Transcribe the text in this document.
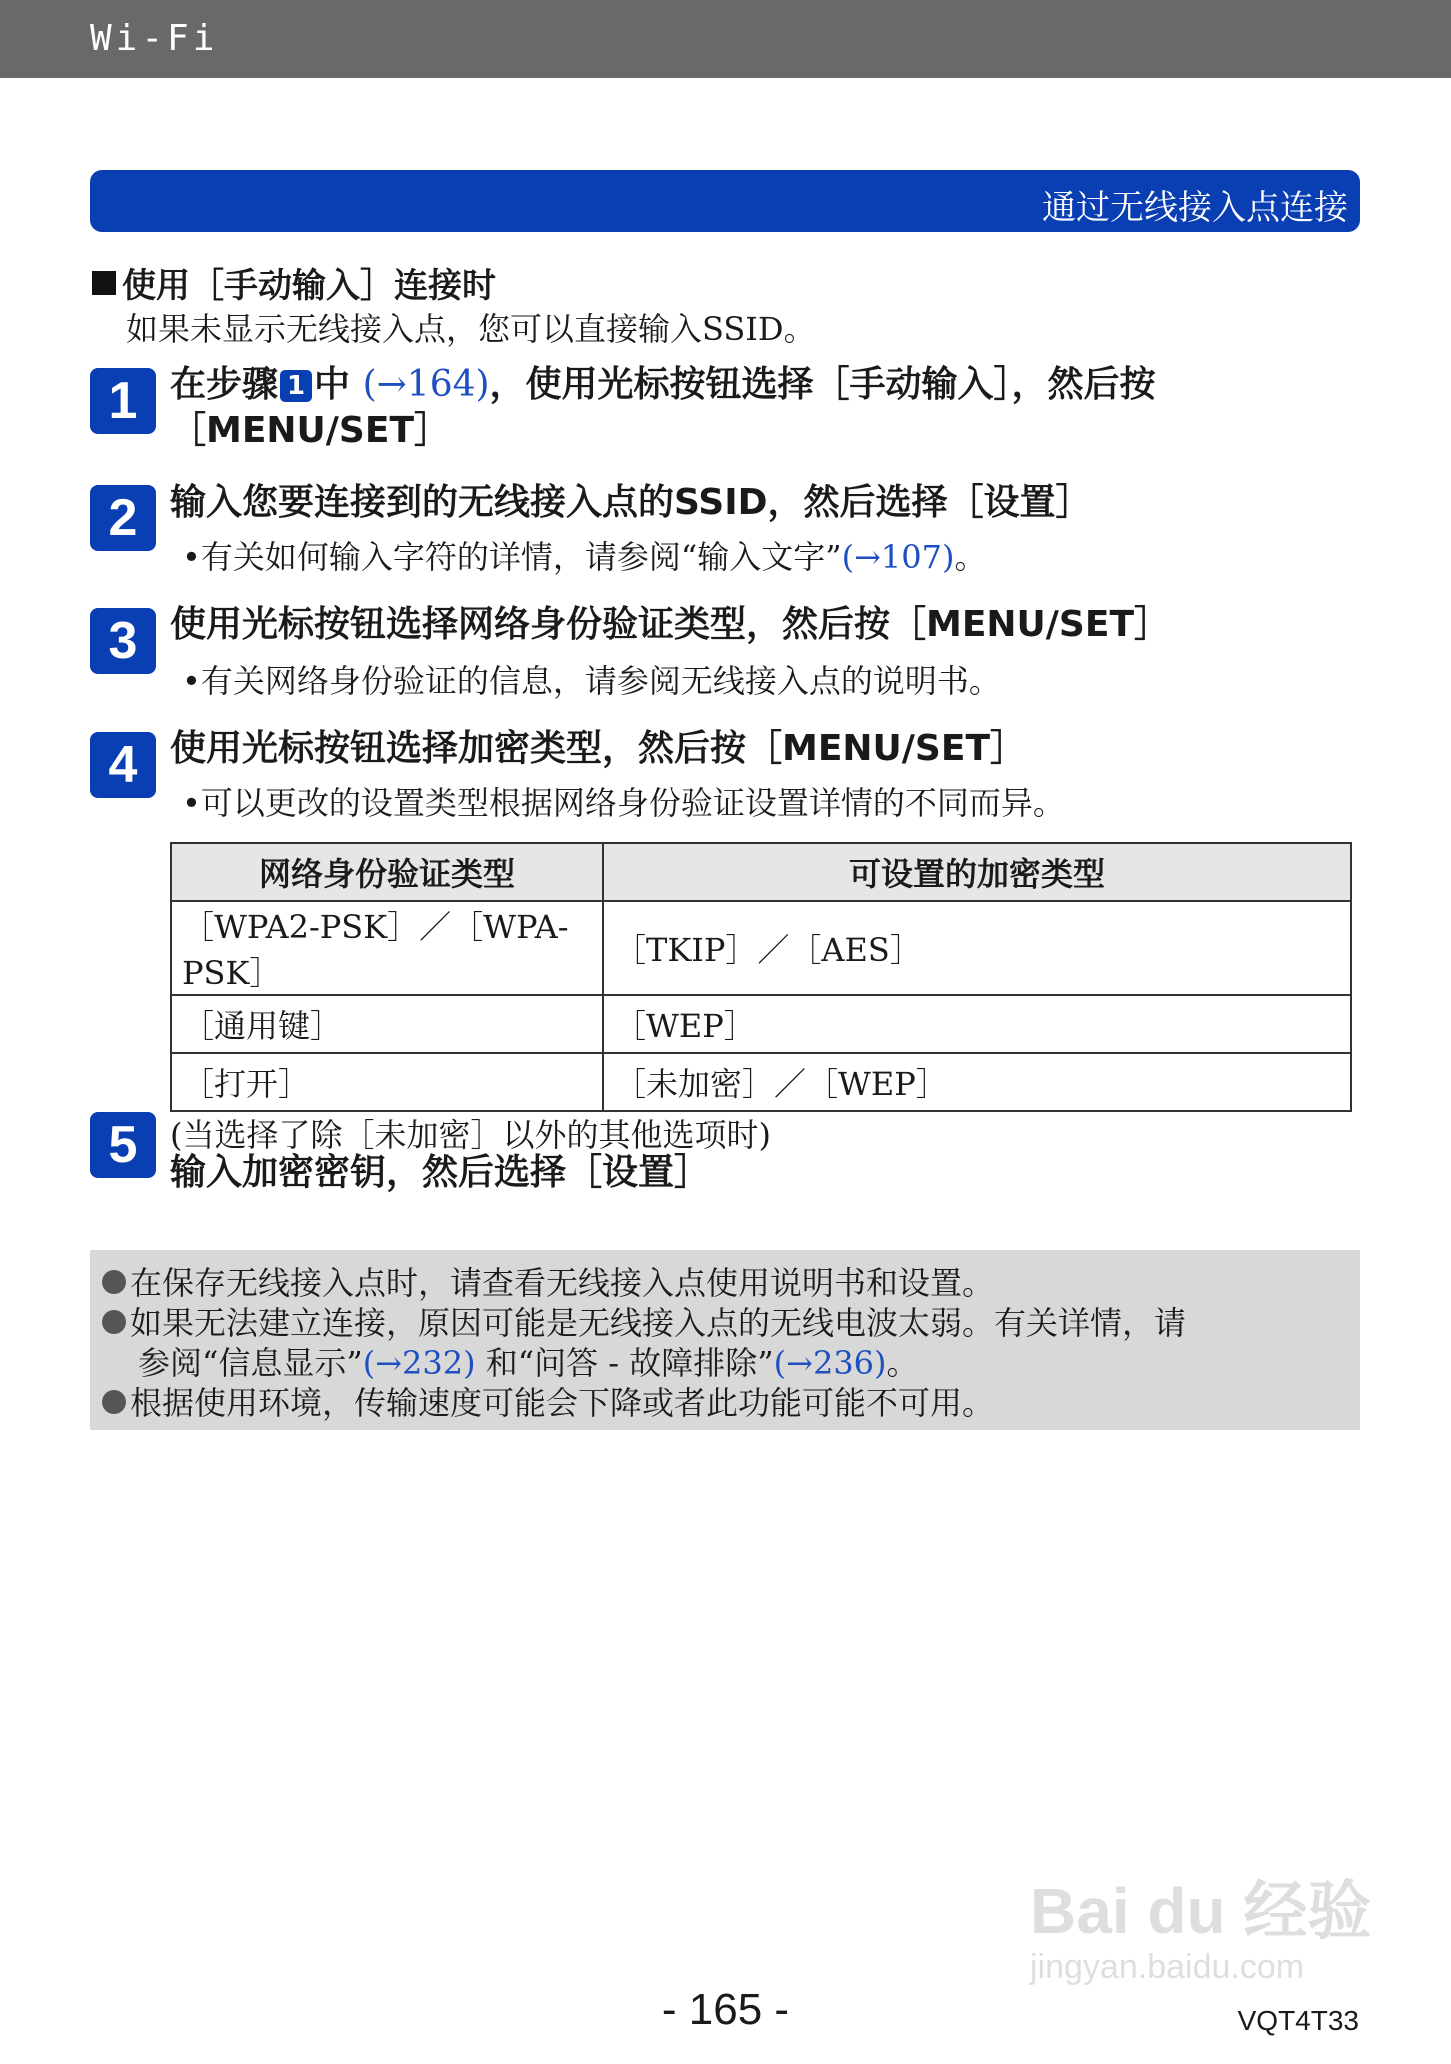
Wi-Fi
通过无线接入点连接
使用［手动输入］连接时
如果未显示无线接入点，您可以直接输入SSID。
1 在步骤 1 中 (→164)，使用光标按钮选择［手动输入］，然后按
［MENU/SET］
2 输入您要连接到的无线接入点的SSID，然后选择［设置］
•有关如何输入字符的详情，请参阅“输入文字”(→107)。
3 使用光标按钮选择网络身份验证类型，然后按［MENU/SET］
•有关网络身份验证的信息，请参阅无线接入点的说明书。
4 使用光标按钮选择加密类型，然后按［MENU/SET］
•可以更改的设置类型根据网络身份验证设置详情的不同而异。
网络身份验证类型	可设置的加密类型
［WPA2-PSK］／［WPA-PSK］	［TKIP］／［AES］
［通用键］	［WEP］
［打开］	［未加密］／［WEP］
5	(当选择了除［未加密］以外的其他选项时)
输入加密密钥，然后选择［设置］
在保存无线接入点时，请查看无线接入点使用说明书和设置。
如果无法建立连接，原因可能是无线接入点的无线电波太弱。有关详情，请
参阅“信息显示”(→232) 和“问答 - 故障排除”(→236)。
根据使用环境，传输速度可能会下降或者此功能可能不可用。
Bai du 经验
jingyan.baidu.com
- 165 -	VQT4T33
